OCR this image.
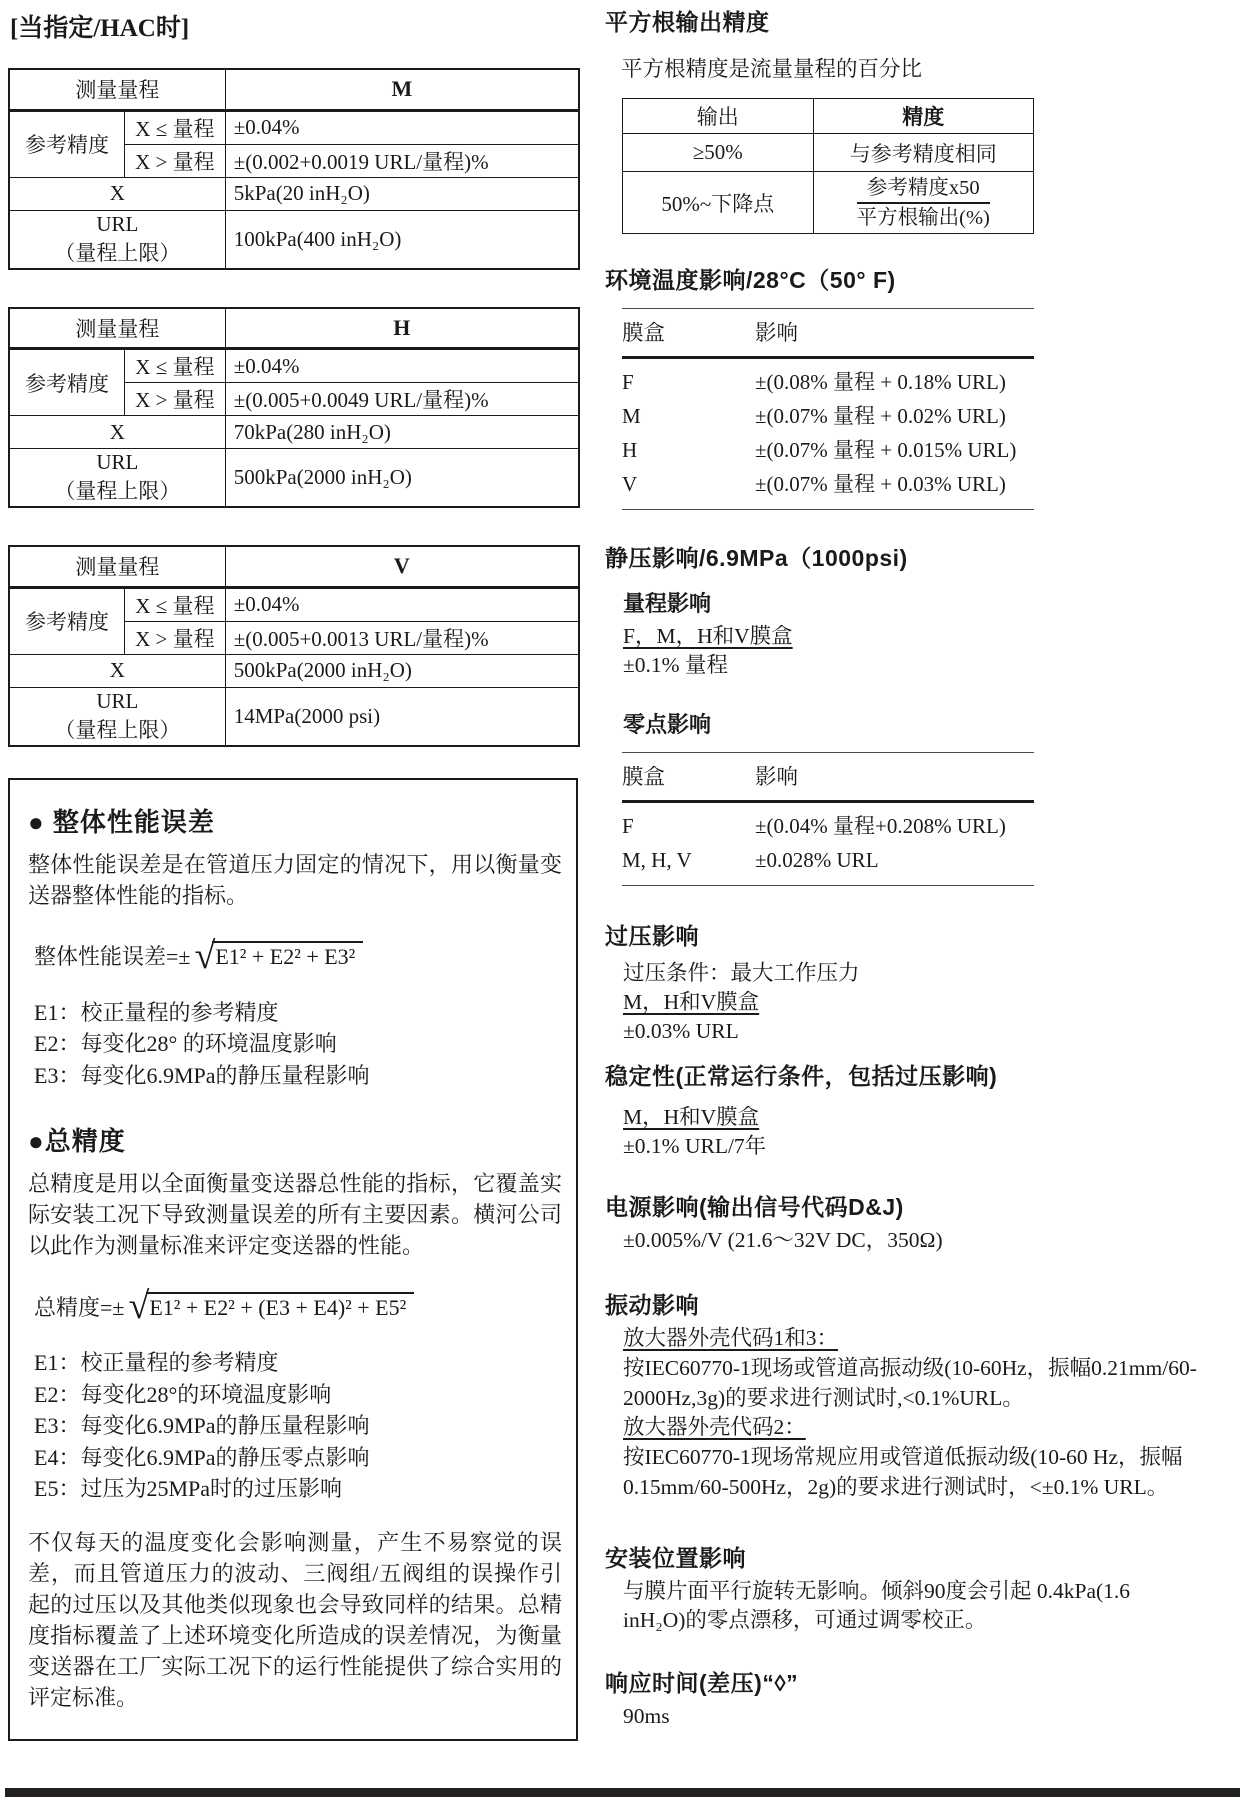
[当指定/HAC时]
测量量程		M
参考精度	X ≤ 量程	±0.04%
	X > 量程	±(0.002+0.0019 URL/量程)%
X		5kPa(20 inH₂O)

URL
（量程上限）		100kPa(400 inH₂O)
测量量程		H
参考精度	X ≤ 量程	±0.04%
	X > 量程	±(0.005+0.0049 URL/量程)%
X		70kPa(280 inH₂O)

URL
（量程上限）		500kPa(2000 inH₂O)
测量量程		V
参考精度	X ≤ 量程	±0.04%
	X > 量程	±(0.005+0.0013 URL/量程)%
X		500kPa(2000 inH₂O)

URL
（量程上限）		14MPa(2000 psi)
● 整体性能误差
整体性能误差是在管道压力固定的情况下，用以衡量变送器整体性能的指标。
整体性能误差=± √ E1² + E2² + E3²
E1：校正量程的参考精度
E2：每变化28° 的环境温度影响
E3：每变化6.9MPa的静压量程影响
●总精度
总精度是用以全面衡量变送器总性能的指标，它覆盖实际安装工况下导致测量误差的所有主要因素。横河公司以此作为测量标准来评定变送器的性能。
总精度=± √ E1² + E2² + (E3 + E4)² + E5²
E1：校正量程的参考精度
E2：每变化28°的环境温度影响
E3：每变化6.9MPa的静压量程影响
E4：每变化6.9MPa的静压零点影响
E5：过压为25MPa时的过压影响
不仅每天的温度变化会影响测量，产生不易察觉的误差，而且管道压力的波动、三阀组/五阀组的误操作引起的过压以及其他类似现象也会导致同样的结果。总精度指标覆盖了上述环境变化所造成的误差情况，为衡量变送器在工厂实际工况下的运行性能提供了综合实用的评定标准。
平方根输出精度
平方根精度是流量量程的百分比
输出	精度
≥50%	与参考精度相同
50%~下降点	$\frac{\text{参考精度x50}}{\text{平方根输出(\%)}}$
环境温度影响/28°C（50° F)
膜盒	影响
F	±(0.08% 量程 + 0.18% URL)
M	±(0.07% 量程 + 0.02% URL)
H	±(0.07% 量程 + 0.015% URL)
V	±(0.07% 量程 + 0.03% URL)
静压影响/6.9MPa（1000psi)
量程影响
F，M，H和V膜盒
±0.1% 量程
零点影响
膜盒	影响
F	±(0.04% 量程+0.208% URL)
M, H, V	±0.028% URL
过压影响
过压条件：最大工作压力
M，H和V膜盒
±0.03% URL
稳定性(正常运行条件，包括过压影响)
M，H和V膜盒
±0.1% URL/7年
电源影响(输出信号代码D&J)
±0.005%/V (21.6～32V DC，350Ω)
振动影响
放大器外壳代码1和3：
按IEC60770-1现场或管道高振动级(10-60Hz，振幅0.21mm/60-2000Hz,3g)的要求进行测试时,<0.1%URL。
放大器外壳代码2：
按IEC60770-1现场常规应用或管道低振动级(10-60 Hz，振幅0.15mm/60-500Hz，2g)的要求进行测试时，<±0.1% URL。
安装位置影响
与膜片面平行旋转无影响。倾斜90度会引起 0.4kPa(1.6 inH₂O)的零点漂移，可通过调零校正。
响应时间(差压)“◊”
90ms
